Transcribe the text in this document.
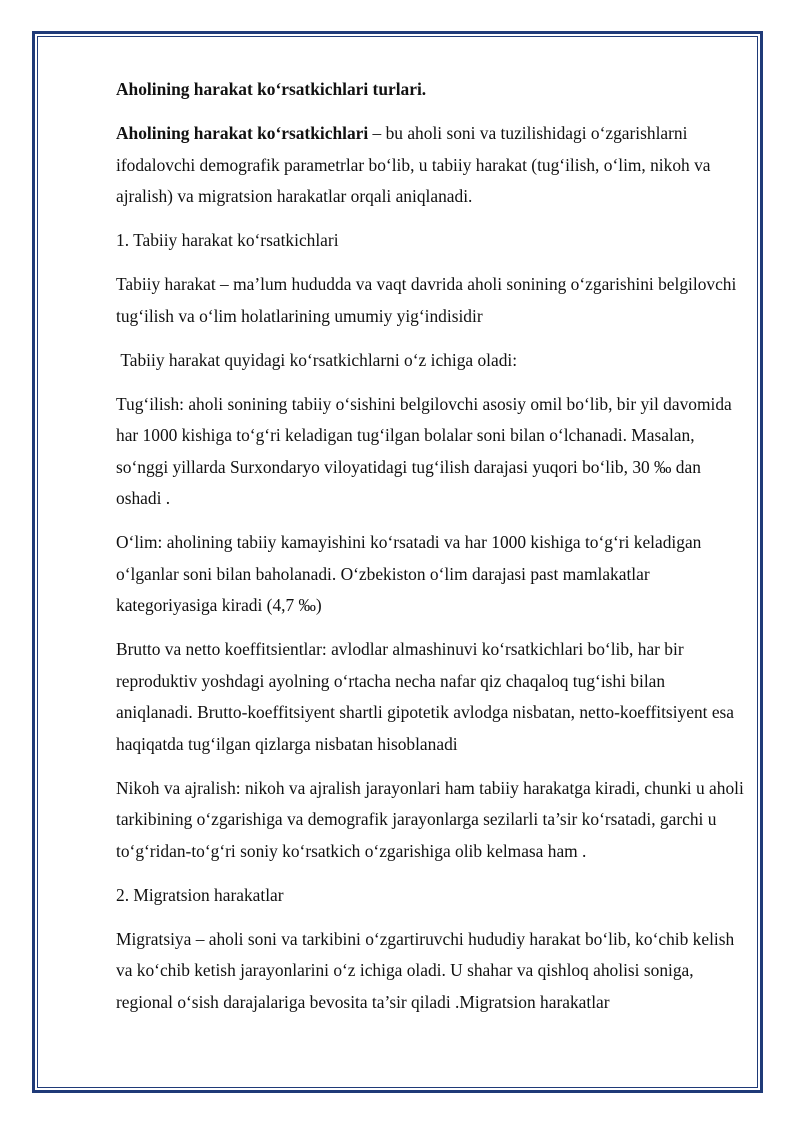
Aholining harakat ko‘rsatkichlari turlari.

Aholining harakat ko‘rsatkichlari – bu aholi soni va tuzilishidagi o‘zgarishlarni ifodalovchi demografik parametrlar bo‘lib, u tabiiy harakat (tug‘ilish, o‘lim, nikoh va ajralish) va migratsion harakatlar orqali aniqlanadi.

1. Tabiiy harakat ko‘rsatkichlari

Tabiiy harakat – ma’lum hududda va vaqt davrida aholi sonining o‘zgarishini belgilovchi tug‘ilish va o‘lim holatlarining umumiy yig‘indisidir

Tabiiy harakat quyidagi ko‘rsatkichlarni o‘z ichiga oladi:

Tug‘ilish: aholi sonining tabiiy o‘sishini belgilovchi asosiy omil bo‘lib, bir yil davomida har 1000 kishiga to‘g‘ri keladigan tug‘ilgan bolalar soni bilan o‘lchanadi. Masalan, so‘nggi yillarda Surxondaryo viloyatidagi tug‘ilish darajasi yuqori bo‘lib, 30 ‰ dan oshadi .

O‘lim: aholining tabiiy kamayishini ko‘rsatadi va har 1000 kishiga to‘g‘ri keladigan o‘lganlar soni bilan baholanadi. O‘zbekiston o‘lim darajasi past mamlakatlar kategoriyasiga kiradi (4,7 ‰)

Brutto va netto koeffitsientlar: avlodlar almashinuvi ko‘rsatkichlari bo‘lib, har bir reproduktiv yoshdagi ayolning o‘rtacha necha nafar qiz chaqaloq tug‘ishi bilan aniqlanadi. Brutto-koeffitsiyent shartli gipotetik avlodga nisbatan, netto-koeffitsiyent esa haqiqatda tug‘ilgan qizlarga nisbatan hisoblanadi

Nikoh va ajralish: nikoh va ajralish jarayonlari ham tabiiy harakatga kiradi, chunki u aholi tarkibining o‘zgarishiga va demografik jarayonlarga sezilarli ta’sir ko‘rsatadi, garchi u to‘g‘ridan-to‘g‘ri soniy ko‘rsatkich o‘zgarishiga olib kelmasa ham .

2. Migratsion harakatlar

Migratsiya – aholi soni va tarkibini o‘zgartiruvchi hududiy harakat bo‘lib, ko‘chib kelish va ko‘chib ketish jarayonlarini o‘z ichiga oladi. U shahar va qishloq aholisi soniga, regional o‘sish darajalariga bevosita ta’sir qiladi .Migratsion harakatlar
